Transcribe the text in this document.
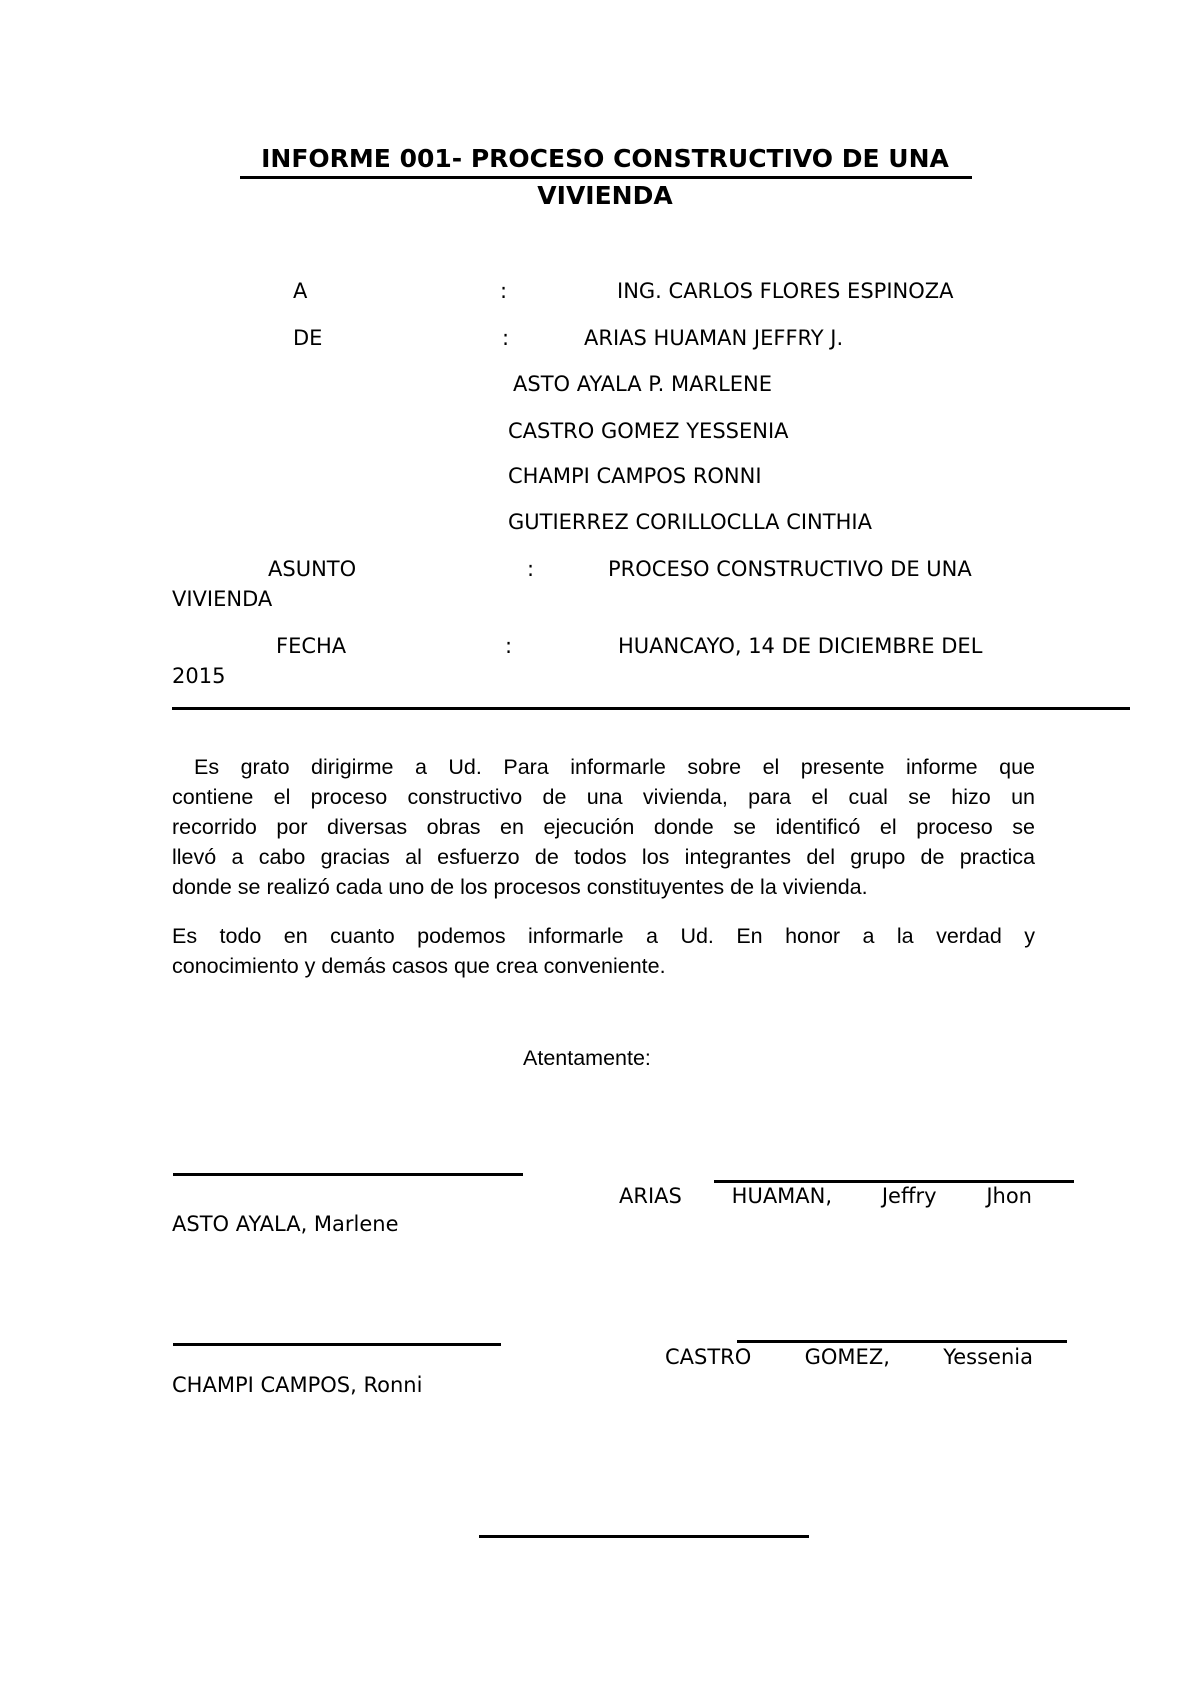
INFORME 001- PROCESO CONSTRUCTIVO DE UNA
VIVIENDA
A	:	ING. CARLOS FLORES ESPINOZA
DE	:	ARIAS HUAMAN JEFFRY J.
ASTO AYALA P. MARLENE
CASTRO GOMEZ YESSENIA
CHAMPI CAMPOS RONNI
GUTIERREZ CORILLOCLLA CINTHIA
ASUNTO	:	PROCESO CONSTRUCTIVO DE UNA
VIVIENDA
FECHA	:	HUANCAYO, 14 DE DICIEMBRE DEL
2015
Es grato dirigirme a Ud. Para informarle sobre el presente informe que
contiene el proceso constructivo de una vivienda, para el cual se hizo un
recorrido por diversas obras en ejecución donde se identificó el proceso se
llevó a cabo gracias al esfuerzo de todos los integrantes del grupo de practica
donde se realizó cada uno de los procesos constituyentes de la vivienda.
Es todo en cuanto podemos informarle a Ud. En honor a la verdad y
conocimiento y demás casos que crea conveniente.
Atentamente:
ARIAS HUAMAN, Jeffry Jhon
ASTO AYALA, Marlene
CASTRO	GOMEZ,	Yessenia
CHAMPI CAMPOS, Ronni
